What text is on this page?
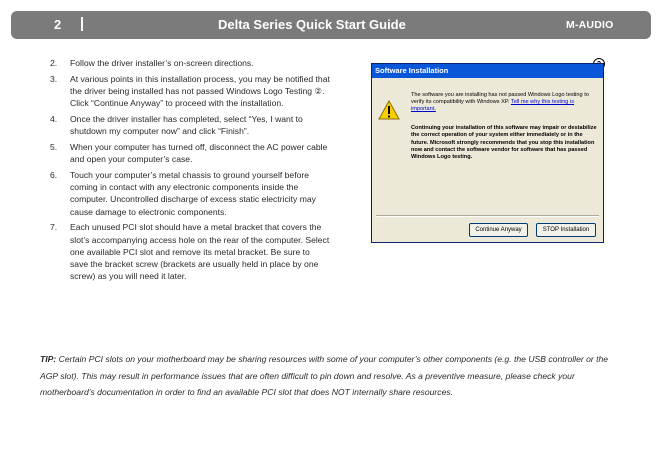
2	Delta Series Quick Start Guide	M-AUDIO
2. Follow the driver installer’s on-screen directions.
3. At various points in this installation process, you may be notified that the driver being installed has not passed Windows Logo Testing ②. Click “Continue Anyway” to proceed with the installation.
4. Once the driver installer has completed, select “Yes, I want to shutdown my computer now” and click “Finish”.
5. When your computer has turned off, disconnect the AC power cable and open your computer’s case.
6. Touch your computer’s metal chassis to ground yourself before coming in contact with any electronic components inside the computer. Uncontrolled discharge of excess static electricity may cause damage to electronic components.
7. Each unused PCI slot should have a metal bracket that covers the slot’s accompanying access hole on the rear of the computer. Select one available PCI slot and remove its metal bracket. Be sure to save the bracket screw (brackets are usually held in place by one screw) as you will need it later.
Software Installation
The software you are installing has not passed Windows Logo testing to verify its compatibility with Windows XP. Tell me why this testing is important.
Continuing your installation of this software may impair or destabilize the correct operation of your system either immediately or in the future. Microsoft strongly recommends that you stop this installation now and contact the software vendor for software that has passed Windows Logo testing.
Continue Anyway	STOP Installation
TIP: Certain PCI slots on your motherboard may be sharing resources with some of your computer’s other components (e.g. the USB controller or the AGP slot). This may result in performance issues that are often difficult to pin down and resolve. As a preventive measure, please check your motherboard’s documentation in order to find an available PCI slot that does NOT internally share resources.
